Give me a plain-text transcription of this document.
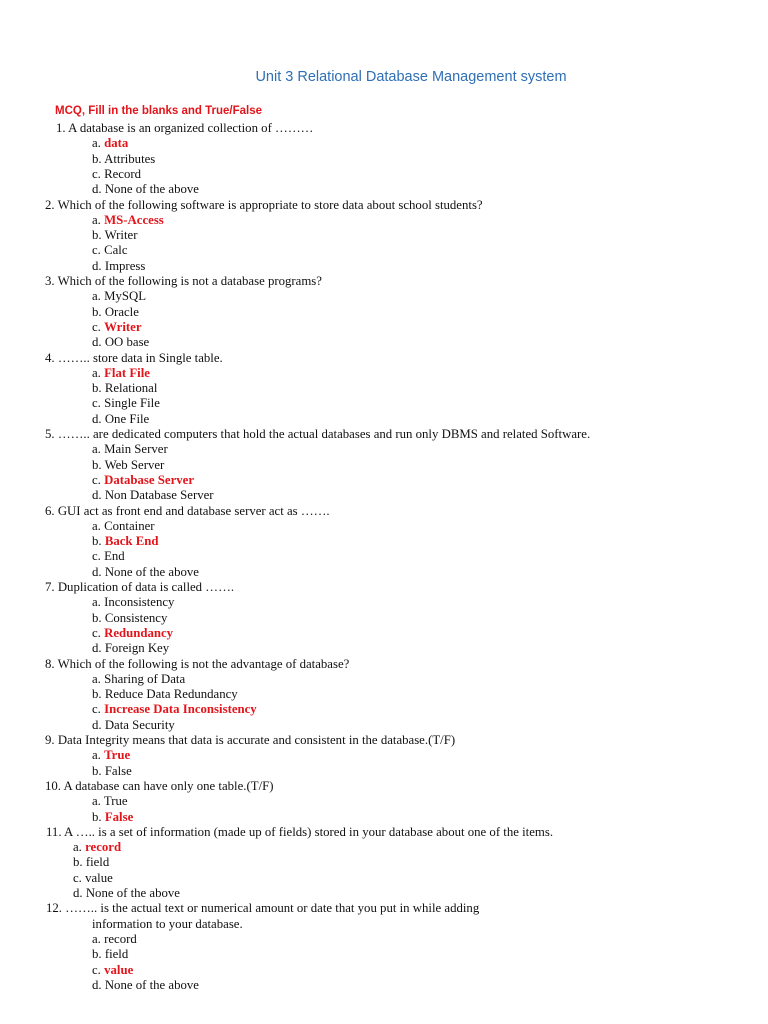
Unit 3 Relational Database Management system
MCQ, Fill in the blanks and True/False
1. A database is an organized collection of ………
a. data
b. Attributes
c. Record
d. None of the above
2. Which of the following software is appropriate to store data about school students?
a. MS-Access
b. Writer
c. Calc
d. Impress
3. Which of the following is not a database programs?
a. MySQL
b. Oracle
c. Writer
d. OO base
4. …….. store data in Single table.
a. Flat File
b. Relational
c. Single File
d. One File
5. …….. are dedicated computers that hold the actual databases and run only DBMS and related Software.
a. Main Server
b. Web Server
c. Database Server
d. Non Database Server
6. GUI act as front end and database server act as …….
a. Container
b. Back End
c. End
d. None of the above
7. Duplication of data is called …….
a. Inconsistency
b. Consistency
c. Redundancy
d. Foreign Key
8. Which of the following is not the advantage of database?
a. Sharing of Data
b. Reduce Data Redundancy
c. Increase Data Inconsistency
d. Data Security
9. Data Integrity means that data is accurate and consistent in the database.(T/F)
a. True
b. False
10. A database can have only one table.(T/F)
a. True
b. False
11. A ….. is a set of information (made up of fields) stored in your database about one of the items.
a. record
b. field
c. value
d. None of the above
12. …….. is the actual text or numerical amount or date that you put in while adding
information to your database.
a. record
b. field
c. value
d. None of the above
